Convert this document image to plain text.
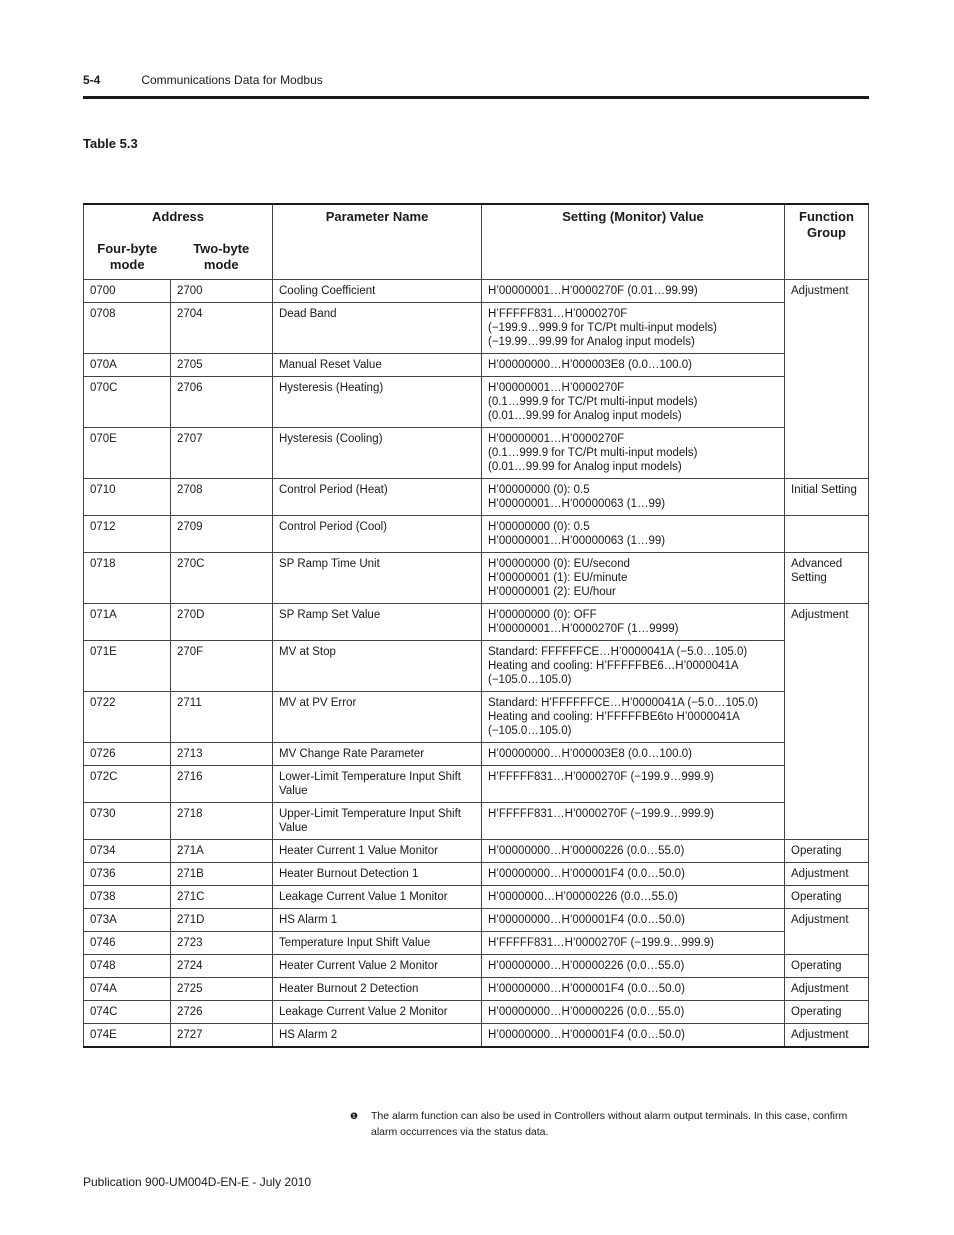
5-4	Communications Data for Modbus
Table 5.3
Address		Parameter Name	Setting (Monitor) Value	Function Group
Four-byte mode	Two-byte mode			
0700	2700	Cooling Coefficient	H’00000001…H’0000270F (0.01…99.99)	Adjustment
0708	2704	Dead Band	H’FFFFF831…H’0000270F
(−199.9…999.9 for TC/Pt multi-input models)
(−19.99…99.99 for Analog input models)	

070A	2705	Manual Reset Value	H’00000000…H’000003E8 (0.0…100.0)	

070C	2706	Hysteresis (Heating)	H’00000001…H’0000270F
(0.1…999.9 for TC/Pt multi-input models)
(0.01…99.99 for Analog input models)	

070E	2707	Hysteresis (Cooling)	H’00000001…H’0000270F
(0.1…999.9 for TC/Pt multi-input models)
(0.01…99.99 for Analog input models)	

0710	2708	Control Period (Heat)	H’00000000 (0): 0.5
H’00000001…H’00000063 (1…99)	Initial Setting
0712	2709	Control Period (Cool)	H’00000000 (0): 0.5
H’00000001…H’00000063 (1…99)	

0718	270C	SP Ramp Time Unit	H’00000000 (0): EU/second
H’00000001 (1): EU/minute
H’00000001 (2): EU/hour	Advanced Setting
071A	270D	SP Ramp Set Value	H’00000000 (0): OFF
H’00000001…H’0000270F (1…9999)	Adjustment
071E	270F	MV at Stop	Standard: FFFFFFCE…H’0000041A (−5.0…105.0)
Heating and cooling: H’FFFFFBE6…H’0000041A
(−105.0…105.0)	

0722	2711	MV at PV Error	Standard: H’FFFFFFCE…H’0000041A (−5.0…105.0)
Heating and cooling: H’FFFFFBE6to H’0000041A
(−105.0…105.0)	

0726	2713	MV Change Rate Parameter	H’00000000…H’000003E8 (0.0…100.0)	

072C	2716	Lower-Limit Temperature Input Shift Value	H’FFFFF831…H’0000270F (−199.9…999.9)	

0730	2718	Upper-Limit Temperature Input Shift Value	H’FFFFF831…H’0000270F (−199.9…999.9)	

0734	271A	Heater Current 1 Value Monitor	H’00000000…H’00000226 (0.0…55.0)	Operating
0736	271B	Heater Burnout Detection 1	H’00000000…H’000001F4 (0.0…50.0)	Adjustment
0738	271C	Leakage Current Value 1 Monitor	H’0000000…H’00000226 (0.0…55.0)	Operating
073A	271D	HS Alarm 1	H’00000000…H’000001F4 (0.0…50.0)	Adjustment
0746	2723	Temperature Input Shift Value	H’FFFFF831…H’0000270F (−199.9…999.9)	

0748	2724	Heater Current Value 2 Monitor	H’00000000…H’00000226 (0.0…55.0)	Operating
074A	2725	Heater Burnout 2 Detection	H’00000000…H’000001F4 (0.0…50.0)	Adjustment
074C	2726	Leakage Current Value 2 Monitor	H’00000000…H’00000226 (0.0…55.0)	Operating
074E	2727	HS Alarm 2	H’00000000…H’000001F4 (0.0…50.0)	Adjustment
❶ The alarm function can also be used in Controllers without alarm output terminals. In this case, confirm alarm occurrences via the status data.
Publication 900-UM004D-EN-E - July 2010
